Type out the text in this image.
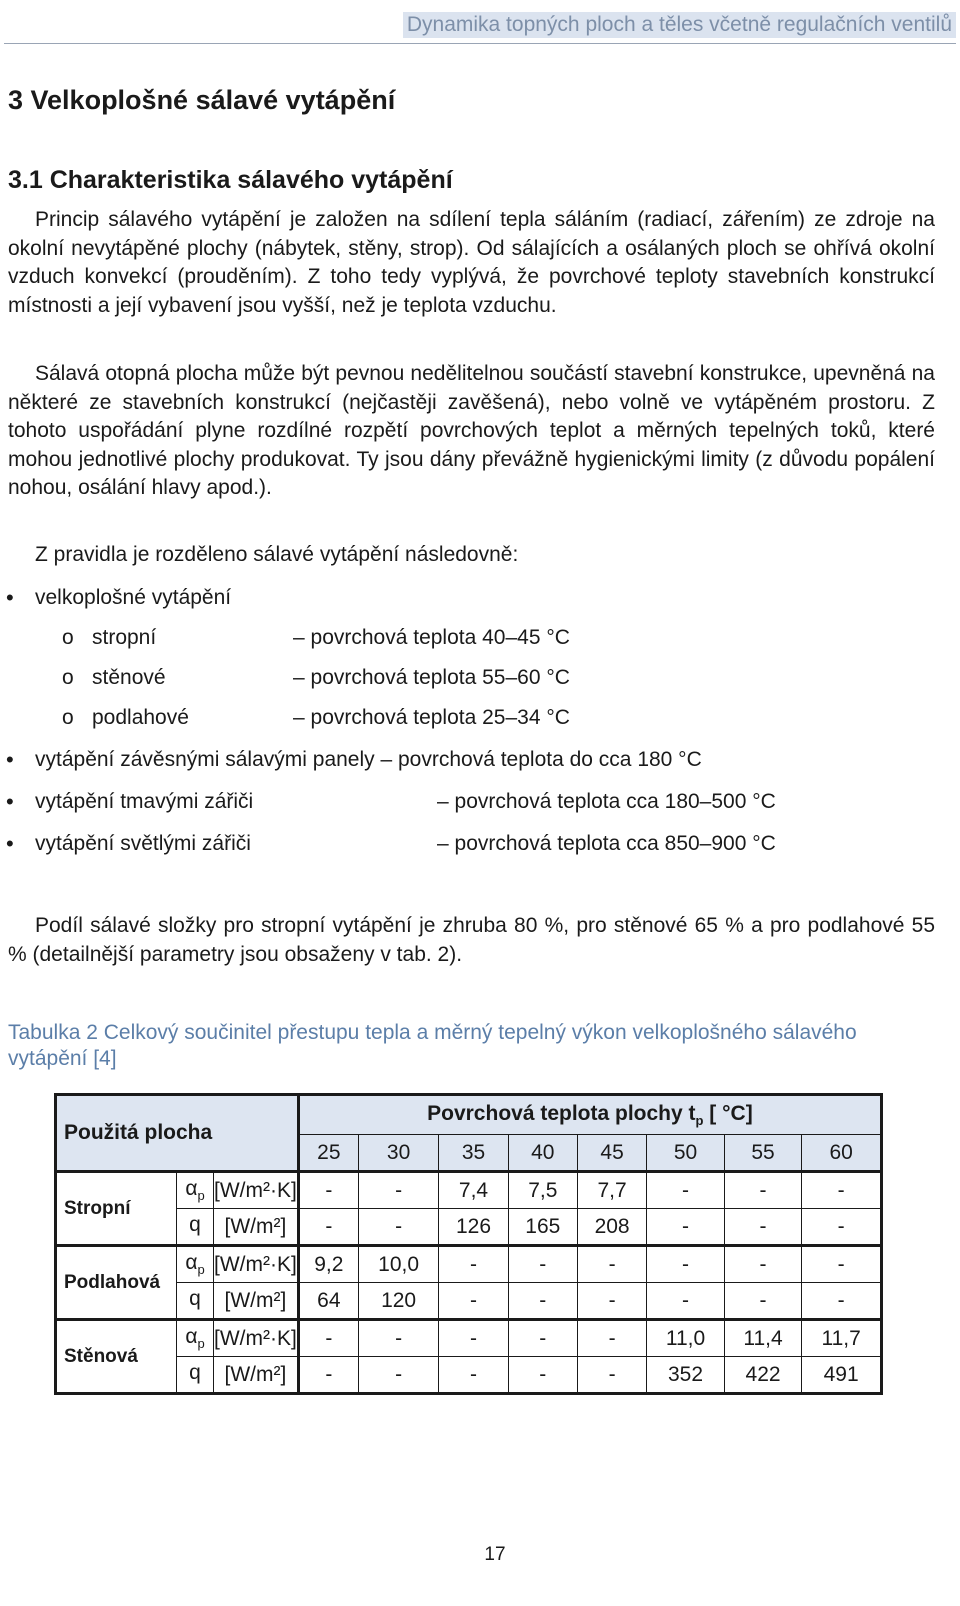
Dynamika topných ploch a těles včetně regulačních ventilů
3 Velkoplošné sálavé vytápění
3.1 Charakteristika sálavého vytápění

Princip sálavého vytápění je založen na sdílení tepla sáláním (radiací, zářením) ze zdroje na okolní nevytápěné plochy (nábytek, stěny, strop). Od sálajících a osálaných ploch se ohřívá okolní vzduch konvekcí (prouděním). Z toho tedy vyplývá, že povrchové teploty stavebních konstrukcí místnosti a její vybavení jsou vyšší, než je teplota vzduchu.

Sálavá otopná plocha může být pevnou nedělitelnou součástí stavební konstrukce, upevněná na některé ze stavebních konstrukcí (nejčastěji zavěšená), nebo volně ve vytápěném prostoru. Z tohoto uspořádání plyne rozdílné rozpětí povrchových teplot a měrných tepelných toků, které mohou jednotlivé plochy produkovat. Ty jsou dány převážně hygienickými limity (z důvodu popálení nohou, osálání hlavy apod.).

Z pravidla je rozděleno sálavé vytápění následovně:

• velkoplošné vytápění
o stropní	– povrchová teplota 40–45 °C
o stěnové	– povrchová teplota 55–60 °C
o podlahové	– povrchová teplota 25–34 °C
• vytápění závěsnými sálavými panely – povrchová teplota do cca 180 °C
• vytápění tmavými zářiči	– povrchová teplota cca 180–500 °C
• vytápění světlými zářiči	– povrchová teplota cca 850–900 °C

Podíl sálavé složky pro stropní vytápění je zhruba 80 %, pro stěnové 65 % a pro podlahové 55 % (detailnější parametry jsou obsaženy v tab. 2).

Tabulka 2 Celkový součinitel přestupu tepla a měrný tepelný výkon velkoplošného sálavého vytápění [4]

Použitá plocha			Povrchová teplota plochy $t_p$ [ °C]							
			25	30	35	40	45	50	55	60
Stropní	$\alpha_p$	[W/m²·K]	-	-	7,4	7,5	7,7	-	-	-
	q	[W/m²]	-	-	126	165	208	-	-	-
Podlahová	$\alpha_p$	[W/m²·K]	9,2	10,0	-	-	-	-	-	-
	q	[W/m²]	64	120	-	-	-	-	-	-
Stěnová	$\alpha_p$	[W/m²·K]	-	-	-	-	-	11,0	11,4	11,7
	q	[W/m²]	-	-	-	-	-	352	422	491
17
